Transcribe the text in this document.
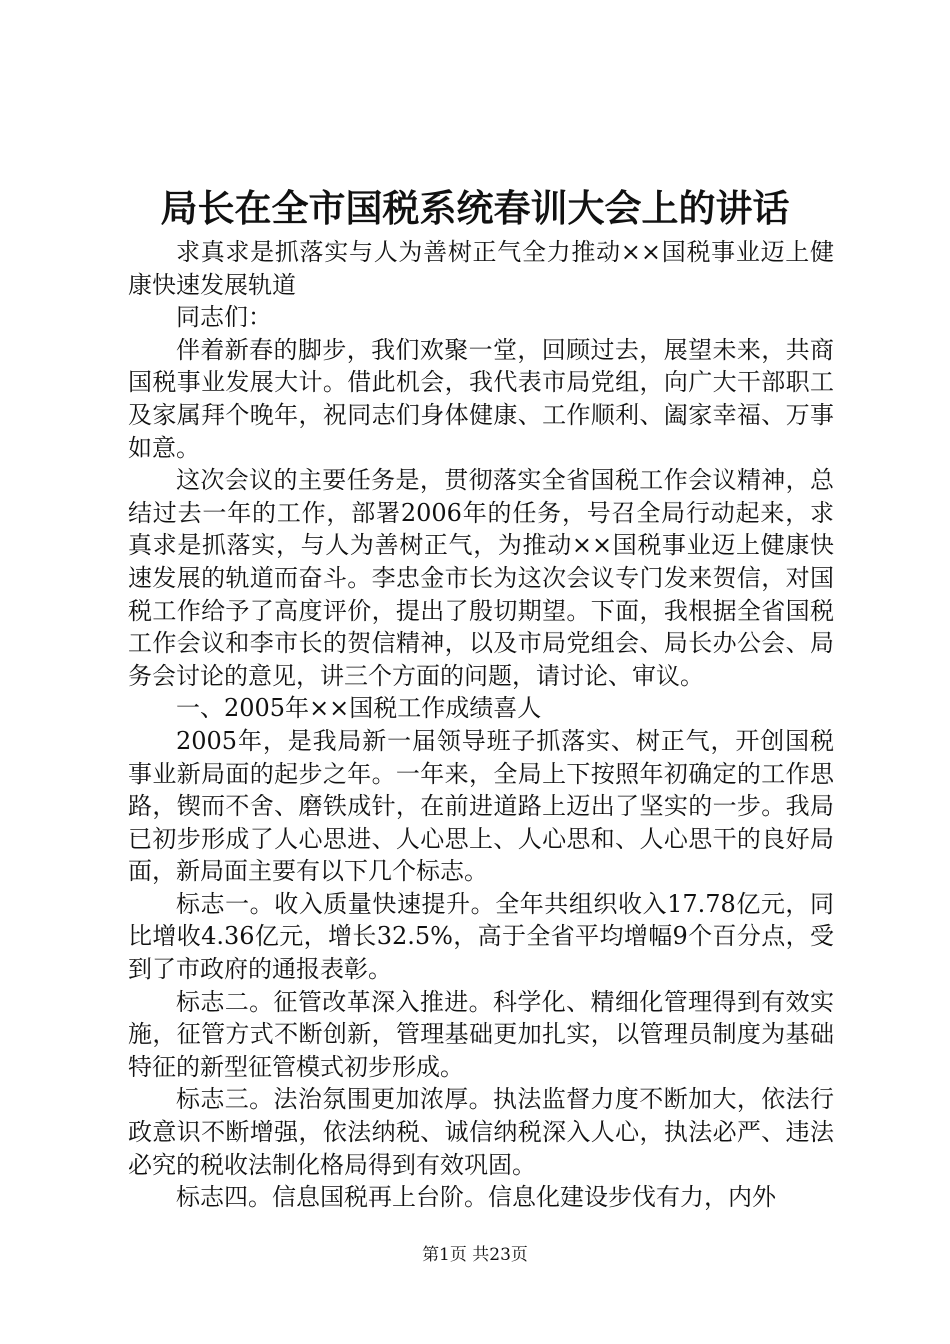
局长在全市国税系统春训大会上的讲话

求真求是抓落实与人为善树正气全力推动××国税事业迈上健康快速发展轨道

同志们：

伴着新春的脚步，我们欢聚一堂，回顾过去，展望未来，共商国税事业发展大计。借此机会，我代表市局党组，向广大干部职工及家属拜个晚年，祝同志们身体健康、工作顺利、阖家幸福、万事如意。

这次会议的主要任务是，贯彻落实全省国税工作会议精神，总结过去一年的工作，部署2006年的任务，号召全局行动起来，求真求是抓落实，与人为善树正气，为推动××国税事业迈上健康快速发展的轨道而奋斗。李忠金市长为这次会议专门发来贺信，对国税工作给予了高度评价，提出了殷切期望。下面，我根据全省国税工作会议和李市长的贺信精神，以及市局党组会、局长办公会、局务会讨论的意见，讲三个方面的问题，请讨论、审议。

一、2005年××国税工作成绩喜人

2005年，是我局新一届领导班子抓落实、树正气，开创国税事业新局面的起步之年。一年来，全局上下按照年初确定的工作思路，锲而不舍、磨铁成针，在前进道路上迈出了坚实的一步。我局已初步形成了人心思进、人心思上、人心思和、人心思干的良好局面，新局面主要有以下几个标志。

标志一。收入质量快速提升。全年共组织收入17.78亿元，同比增收4.36亿元，增长32.5%，高于全省平均增幅9个百分点，受到了市政府的通报表彰。

标志二。征管改革深入推进。科学化、精细化管理得到有效实施，征管方式不断创新，管理基础更加扎实，以管理员制度为基础特征的新型征管模式初步形成。

标志三。法治氛围更加浓厚。执法监督力度不断加大，依法行政意识不断增强，依法纳税、诚信纳税深入人心，执法必严、违法必究的税收法制化格局得到有效巩固。

标志四。信息国税再上台阶。信息化建设步伐有力，内外

第1页 共23页
